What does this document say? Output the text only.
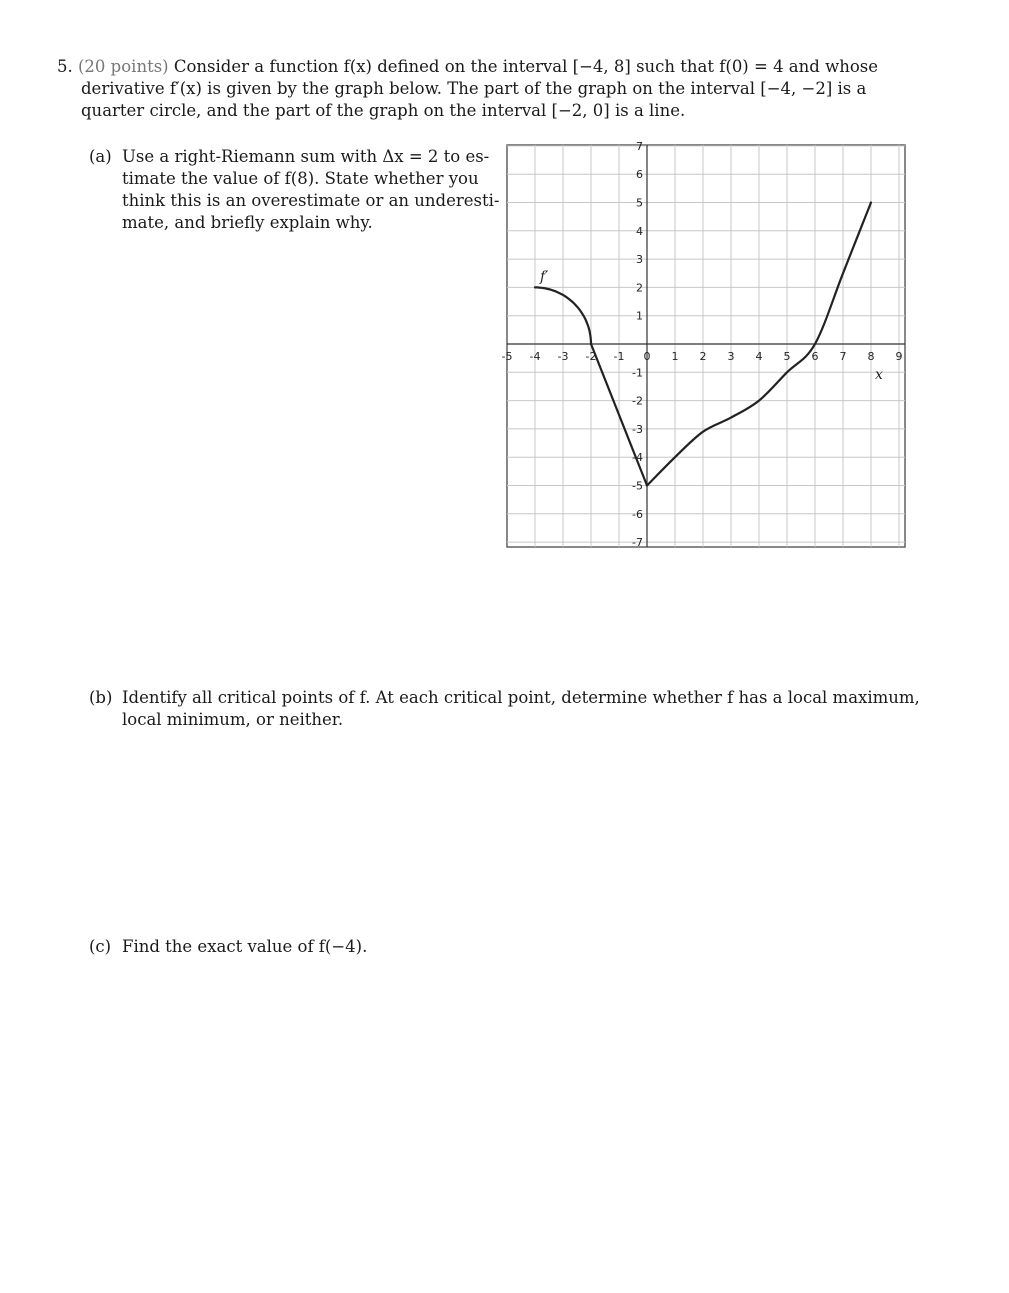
5. (20 points) Consider a function f(x) defined on the interval [−4, 8] such that f(0) = 4 and whose
derivative f′(x) is given by the graph below. The part of the graph on the interval [−4, −2] is a
quarter circle, and the part of the graph on the interval [−2, 0] is a line.
(a) Use a right-Riemann sum with Δx = 2 to es-
timate the value of f(8). State whether you
think this is an overestimate or an underesti-
mate, and briefly explain why.
-5 -4 -3 -2 -1 0 1 2 3 4 5 6 7 8 9
7
6
5
4
3
2
1
-1
-2
-3
-4
-5
-6
-7
f′
x
(b) Identify all critical points of f. At each critical point, determine whether f has a local maximum,
local minimum, or neither.
(c) Find the exact value of f(−4).
